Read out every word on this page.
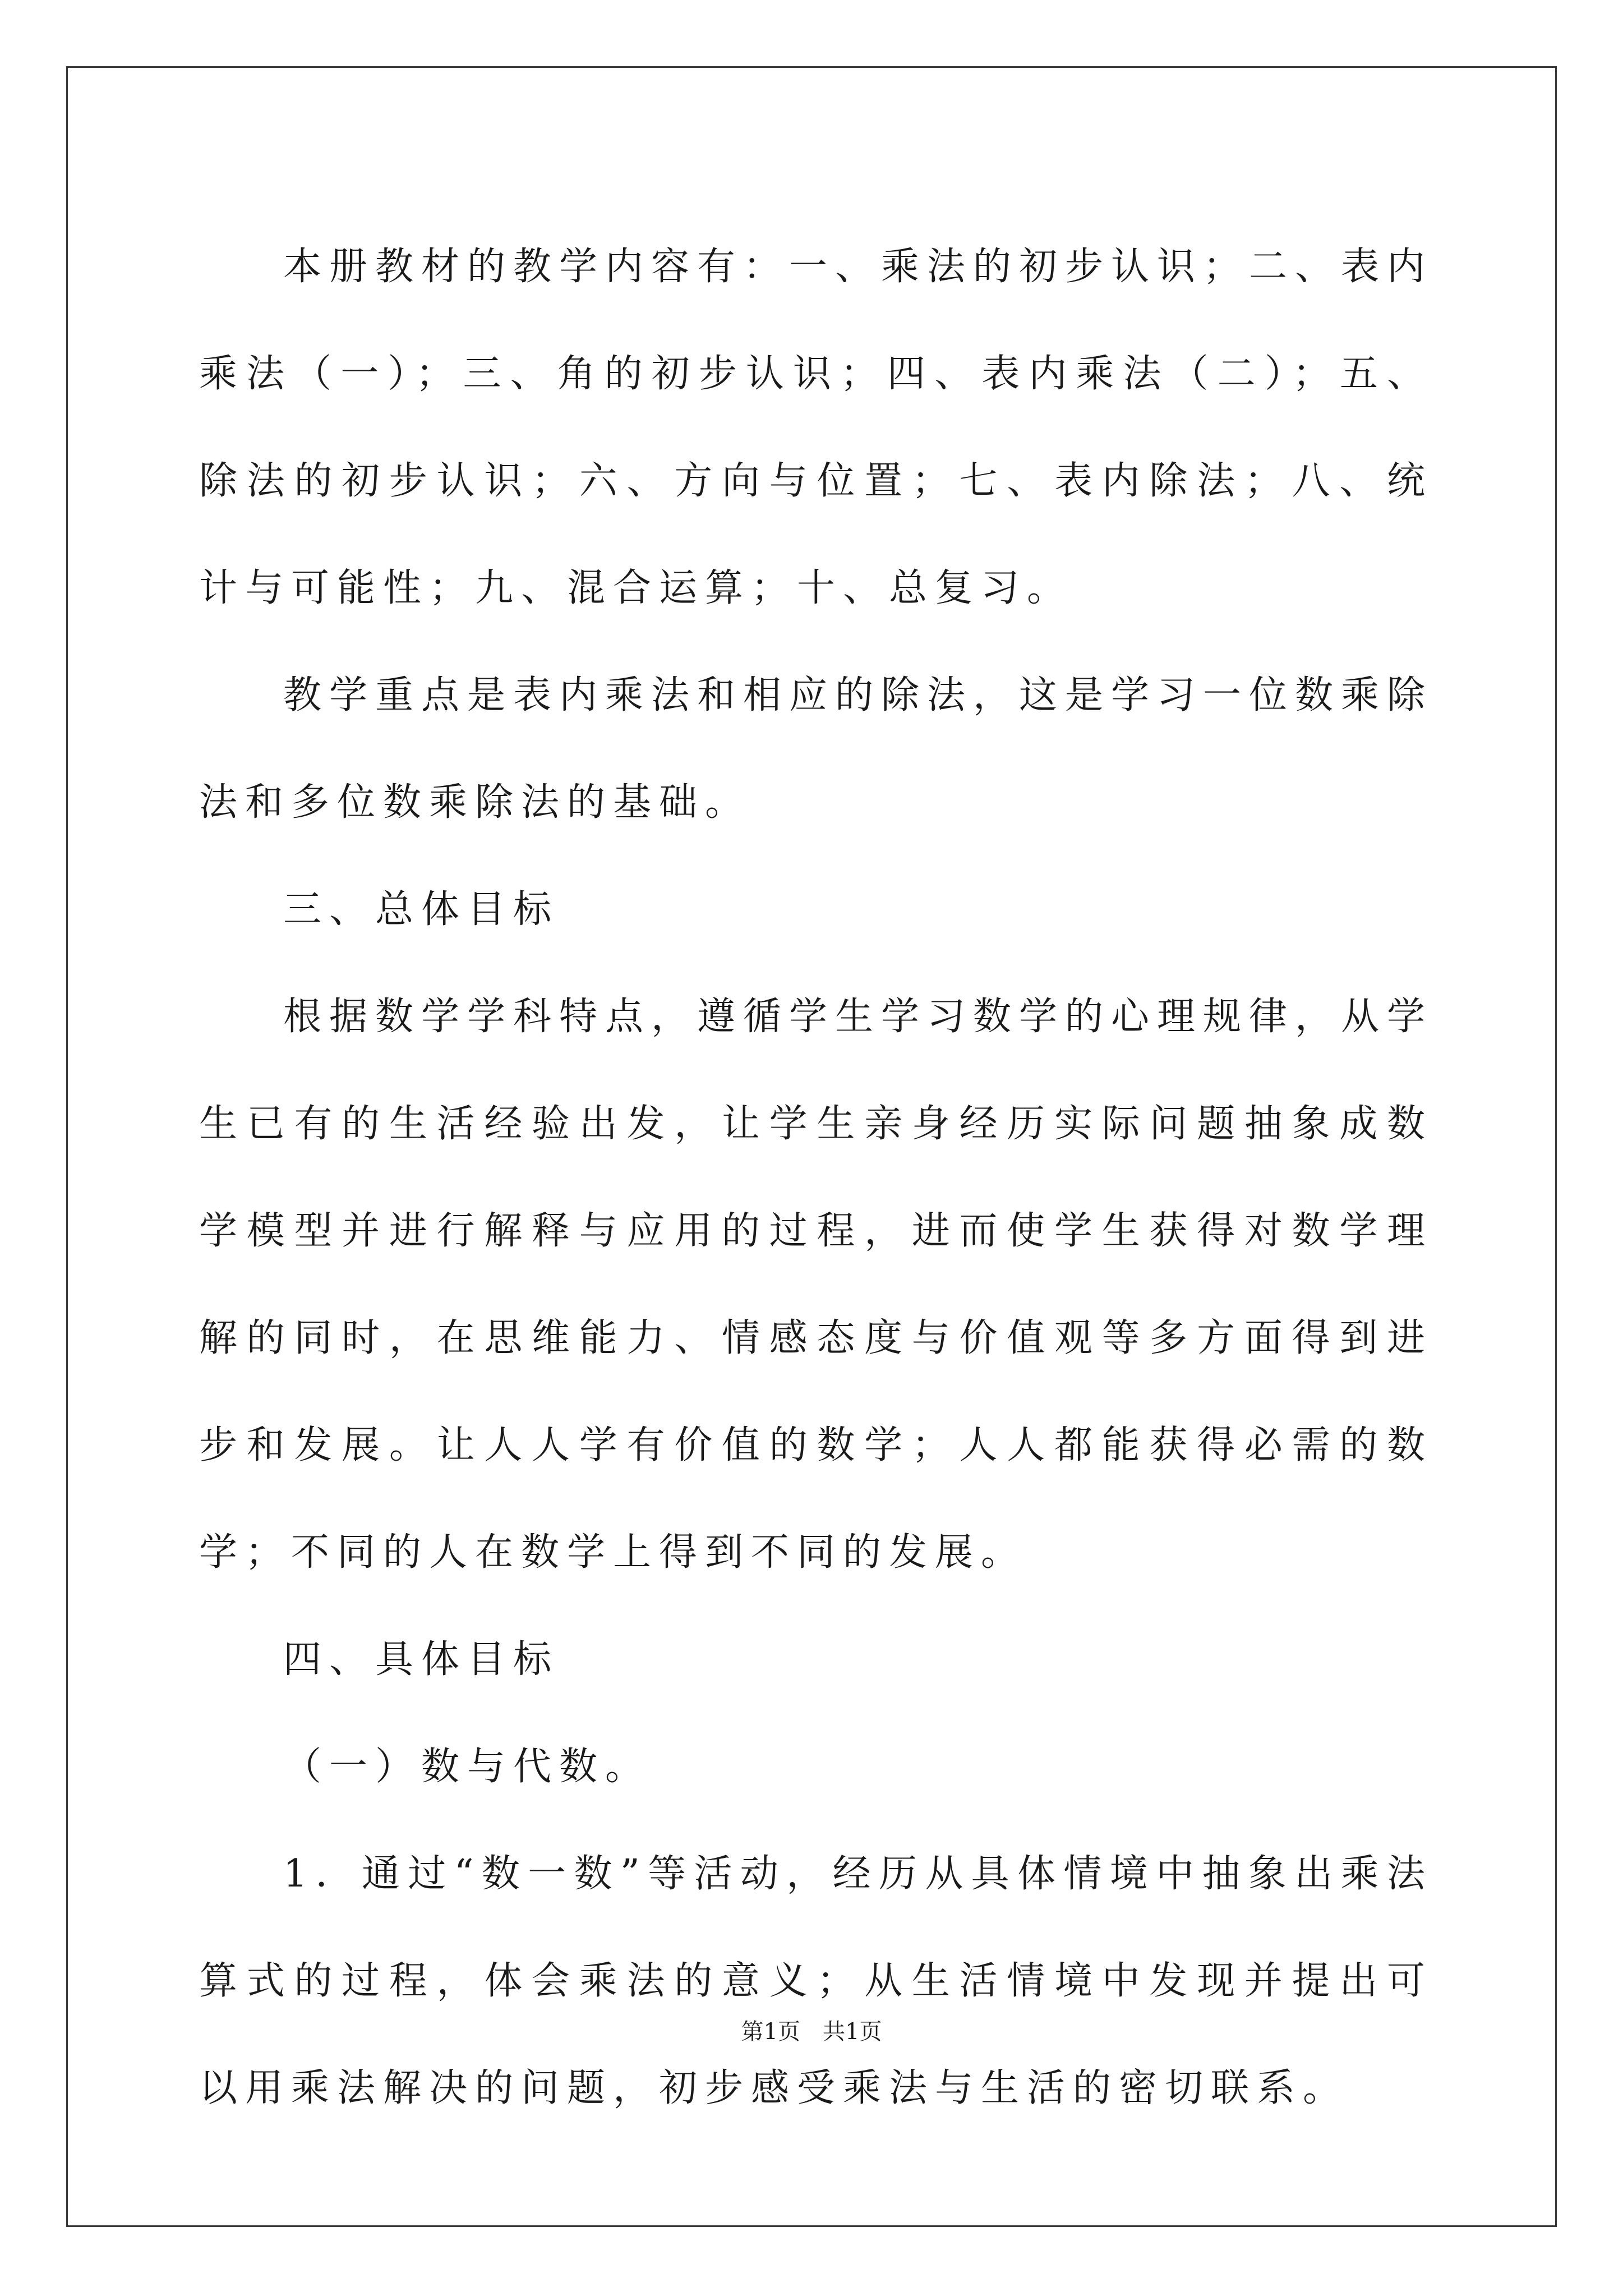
本册教材的教学内容有：一、乘法的初步认识；二、表内乘法（一）；三、角的初步认识；四、表内乘法（二）；五、除法的初步认识；六、方向与位置；七、表内除法；八、统计与可能性；九、混合运算；十、总复习。

教学重点是表内乘法和相应的除法，这是学习一位数乘除法和多位数乘除法的基础。

三、总体目标

根据数学学科特点，遵循学生学习数学的心理规律，从学生已有的生活经验出发，让学生亲身经历实际问题抽象成数学模型并进行解释与应用的过程，进而使学生获得对数学理解的同时，在思维能力、情感态度与价值观等多方面得到进步和发展。让人人学有价值的数学；人人都能获得必需的数学；不同的人在数学上得到不同的发展。

四、具体目标

（一）数与代数。

1．通过“数一数”等活动，经历从具体情境中抽象出乘法算式的过程，体会乘法的意义；从生活情境中发现并提出可以用乘法解决的问题，初步感受乘法与生活的密切联系。

第1页 共1页
